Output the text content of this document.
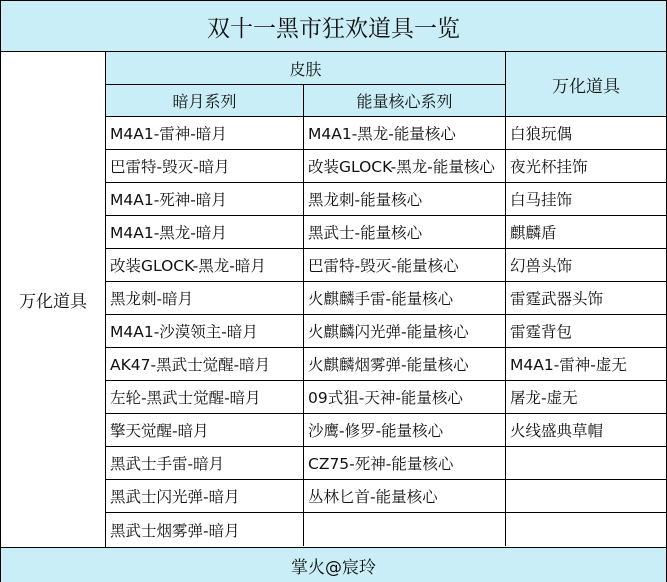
双十一黑市狂欢道具一览
万化道具
皮肤
暗月系列	能量核心系列
万化道具
M4A1-雷神-暗月
巴雷特-毁灭-暗月
M4A1-死神-暗月
M4A1-黑龙-暗月
改装GLOCK-黑龙-暗月
黑龙刺-暗月
M4A1-沙漠领主-暗月
AK47-黑武士觉醒-暗月
左轮-黑武士觉醒-暗月
擎天觉醒-暗月
黑武士手雷-暗月
黑武士闪光弹-暗月
黑武士烟雾弹-暗月
M4A1-黑龙-能量核心
改装GLOCK-黑龙-能量核心
黑龙刺-能量核心
黑武士-能量核心
巴雷特-毁灭-能量核心
火麒麟手雷-能量核心
火麒麟闪光弹-能量核心
火麒麟烟雾弹-能量核心
09式狙-天神-能量核心
沙鹰-修罗-能量核心
CZ75-死神-能量核心
丛林匕首-能量核心
白狼玩偶
夜光杯挂饰
白马挂饰
麒麟盾
幻兽头饰
雷霆武器头饰
雷霆背包
M4A1-雷神-虚无
屠龙-虚无
火线盛典草帽
掌火@宸玲
